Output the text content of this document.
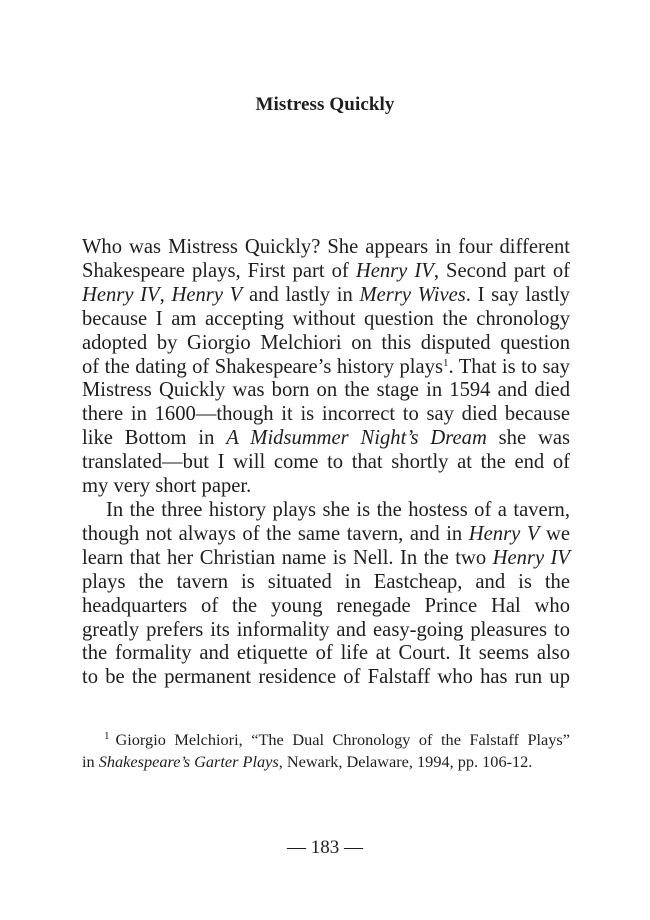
Mistress Quickly
Who was Mistress Quickly? She appears in four different
Shakespeare plays, First part of Henry IV, Second part of
Henry IV, Henry V and lastly in Merry Wives. I say lastly
because I am accepting without question the chronology
adopted by Giorgio Melchiori on this disputed question
of the dating of Shakespeare’s history plays$^1$. That is to say
Mistress Quickly was born on the stage in 1594 and died
there in 1600—though it is incorrect to say died because
like Bottom in A Midsummer Night’s Dream she was
translated—but I will come to that shortly at the end of
my very short paper.
In the three history plays she is the hostess of a tavern,
though not always of the same tavern, and in Henry V we
learn that her Christian name is Nell. In the two Henry IV
plays the tavern is situated in Eastcheap, and is the
headquarters of the young renegade Prince Hal who
greatly prefers its informality and easy-going pleasures to
the formality and etiquette of life at Court. It seems also
to be the permanent residence of Falstaff who has run up
$^1$ Giorgio Melchiori, “The Dual Chronology of the Falstaff Plays”
in Shakespeare’s Garter Plays, Newark, Delaware, 1994, pp. 106-12.
— 183 —
